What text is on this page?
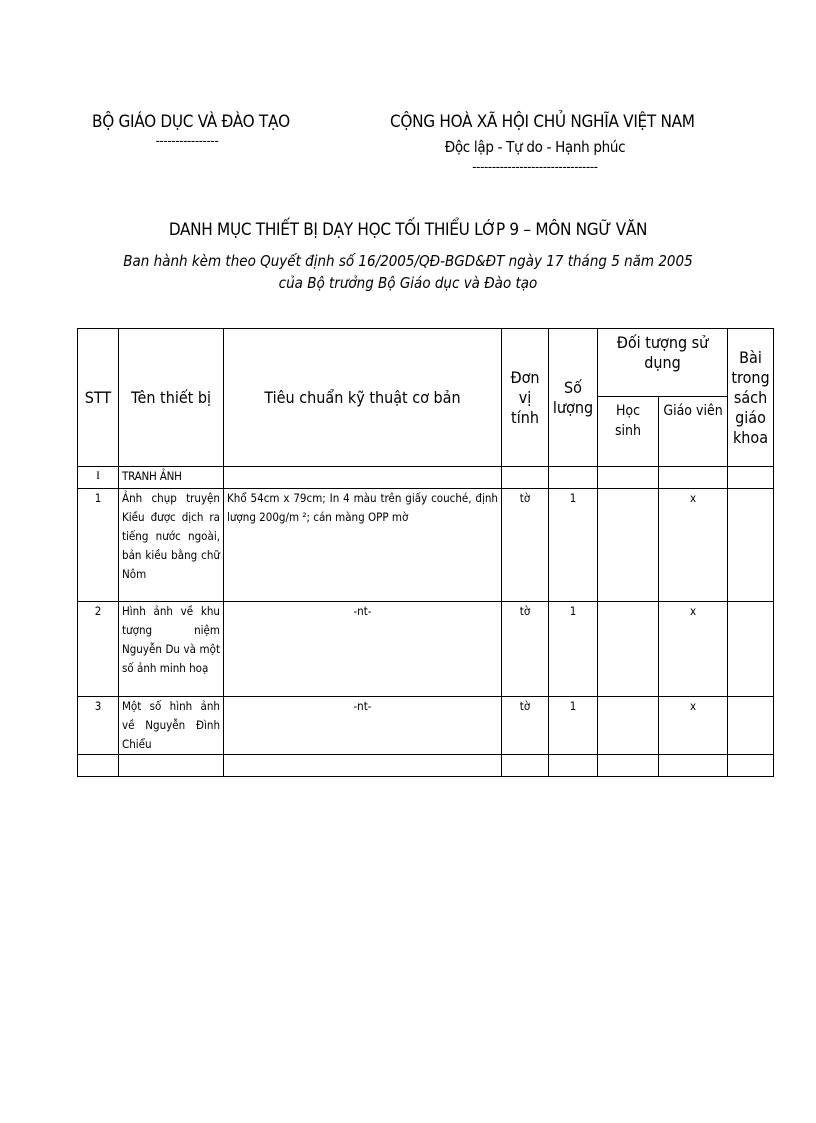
BỘ GIÁO DỤC VÀ ĐÀO TẠO
----------------
CỘNG HOÀ XÃ HỘI CHỦ NGHĨA VIỆT NAM
Độc lập - Tự do - Hạnh phúc
--------------------------------
DANH MỤC THIẾT BỊ DẠY HỌC TỐI THIỂU LỚP 9 – MÔN NGỮ VĂN
Ban hành kèm theo Quyết định số 16/2005/QĐ-BGD&ĐT ngày 17 tháng 5 năm 2005
của Bộ trưởng Bộ Giáo dục và Đào tạo
STT	Tên thiết bị	Tiêu chuẩn kỹ thuật cơ bản	Đơn vị tính	Số lượng	Đối tượng sử dụng		Bài trong sách giáo khoa
					Học sinh	Giáo viên	
I	TRANH ẢNH						
1	Ảnh chụp truyện Kiều được dịch ra tiếng nước ngoài, bản kiều bằng chữ Nôm	Khổ 54cm x 79cm; In 4 màu trên giấy couché, định lượng 200g/m ²; cán màng OPP mờ	tờ	1		x	
2	Hình ảnh về khu tượng niệm Nguyễn Du và một số ảnh minh hoạ	-nt-	tờ	1		x	
3	Một số hình ảnh về Nguyễn Đình Chiểu	-nt-	tờ	1		x	
